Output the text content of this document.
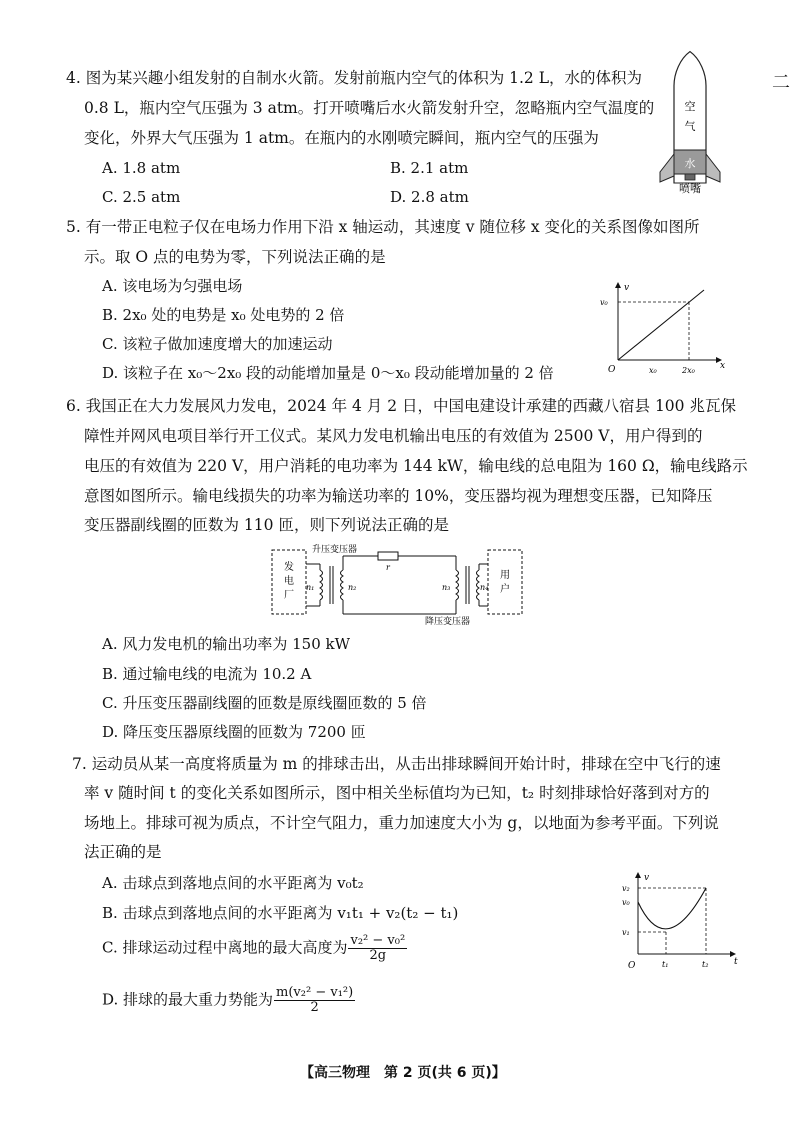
二
4. 图为某兴趣小组发射的自制水火箭。发射前瓶内空气的体积为 1.2 L，水的体积为
0.8 L，瓶内空气压强为 3 atm。打开喷嘴后水火箭发射升空，忽略瓶内空气温度的
变化，外界大气压强为 1 atm。在瓶内的水刚喷完瞬间，瓶内空气的压强为
A. 1.8 atm	B. 2.1 atm
C. 2.5 atm	D. 2.8 atm
空
气
水
喷嘴
5. 有一带正电粒子仅在电场力作用下沿 x 轴运动，其速度 v 随位移 x 变化的关系图像如图所
示。取 O 点的电势为零，下列说法正确的是
A. 该电场为匀强电场
B. 2x₀ 处的电势是 x₀ 处电势的 2 倍
C. 该粒子做加速度增大的加速运动
D. 该粒子在 x₀～2x₀ 段的动能增加量是 0～x₀ 段动能增加量的 2 倍
v
x
O
v₀
x₀	2x₀
6. 我国正在大力发展风力发电，2024 年 4 月 2 日，中国电建设计承建的西藏八宿县 100 兆瓦保
障性并网风电项目举行开工仪式。某风力发电机输出电压的有效值为 2500 V，用户得到的
电压的有效值为 220 V，用户消耗的电功率为 144 kW，输电线的总电阻为 160 Ω，输电线路示
意图如图所示。输电线损失的功率为输送功率的 10%，变压器均视为理想变压器，已知降压
变压器副线圈的匝数为 110 匝，则下列说法正确的是
发
电
厂
n₁	n₂
升压变压器
r
n₃	n₄
降压变压器
用
户
A. 风力发电机的输出功率为 150 kW
B. 通过输电线的电流为 10.2 A
C. 升压变压器副线圈的匝数是原线圈匝数的 5 倍
D. 降压变压器原线圈的匝数为 7200 匝
7. 运动员从某一高度将质量为 m 的排球击出，从击出排球瞬间开始计时，排球在空中飞行的速
率 v 随时间 t 的变化关系如图所示，图中相关坐标值均为已知，t₂ 时刻排球恰好落到对方的
场地上。排球可视为质点，不计空气阻力，重力加速度大小为 g，以地面为参考平面。下列说
法正确的是
A. 击球点到落地点间的水平距离为 v₀t₂
B. 击球点到落地点间的水平距离为 v₁t₁ + v₂(t₂ − t₁)
C. 排球运动过程中离地的最大高度为 $\frac{\text{v₂² − v₀²}}{2g}$
D. 排球的最大重力势能为 $\frac{\text{m(v₂² − v₁²)}}{2}$
v
t
O
v₂
v₀
v₁
t₁	t₂
【高三物理　第 2 页(共 6 页)】
